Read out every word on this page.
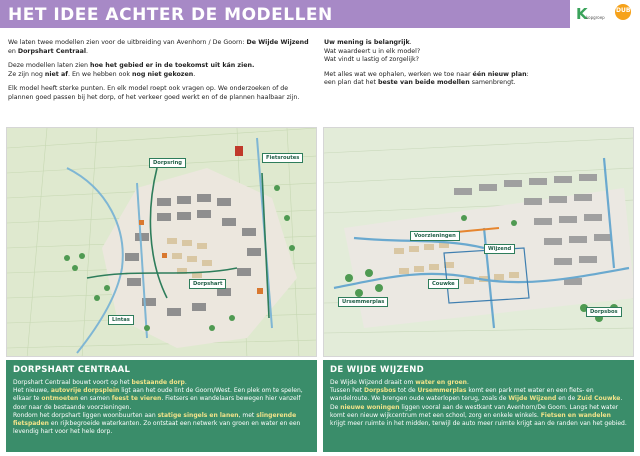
HET IDEE ACHTER DE MODELLEN	K
kopgroep
DUB

We laten twee modellen zien voor de uitbreiding van Avenhorn / De Goorn: De Wijde Wijzend
en Dorpshart Centraal.

Deze modellen laten zien hoe het gebied er in de toekomst uit kán zien.
Ze zijn nog niet af. En we hebben ook nog niet gekozen.

Elk model heeft sterke punten. En elk model roept ook vragen op. We onderzoeken of de plannen goed passen bij het dorp, of het verkeer goed werkt en of de plannen haalbaar zijn.

Uw mening is belangrijk.
Wat waardeert u in elk model?
Wat vindt u lastig of zorgelijk?

Met alles wat we ophalen, werken we toe naar één nieuw plan:
een plan dat het beste van beide modellen samenbrengt.

Dorpsring
Fietsroutes
Dorpshart
Lintas
Voorzieningen
Wijzend
Ursemmerplas
Couwke
Dorpsbos
DORPSHART CENTRAAL
Dorpshart Centraal bouwt voort op het bestaande dorp.
Het nieuwe, autovrije dorpsplein ligt aan het oude lint de Goorn/West. Een plek om te spelen, elkaar te ontmoeten en samen feest te vieren. Fietsers en wandelaars bewegen hier vanzelf door naar de bestaande voorzieningen.
Rondom het dorpshart liggen woonbuurten aan statige singels en lanen, met slingerende fietspaden en rijkbegroeide waterkanten. Zo ontstaat een netwerk van groen en water en een levendig hart voor het hele dorp.
DE WIJDE WIJZEND
De Wijde Wijzend draait om water en groen.
Tussen het Dorpsbos tot de Ursemmerplas komt een park met water en een fiets- en wandelroute. We brengen oude waterlopen terug, zoals de Wijde Wijzend en de Zuid Couwke. De nieuwe woningen liggen vooral aan de westkant van Avenhorn/De Goorn. Langs het water komt een nieuw wijkcentrum met een school, zorg en enkele winkels. Fietsen en wandelen krijgt meer ruimte in het midden, terwijl de auto meer ruimte krijgt aan de randen van het gebied.
